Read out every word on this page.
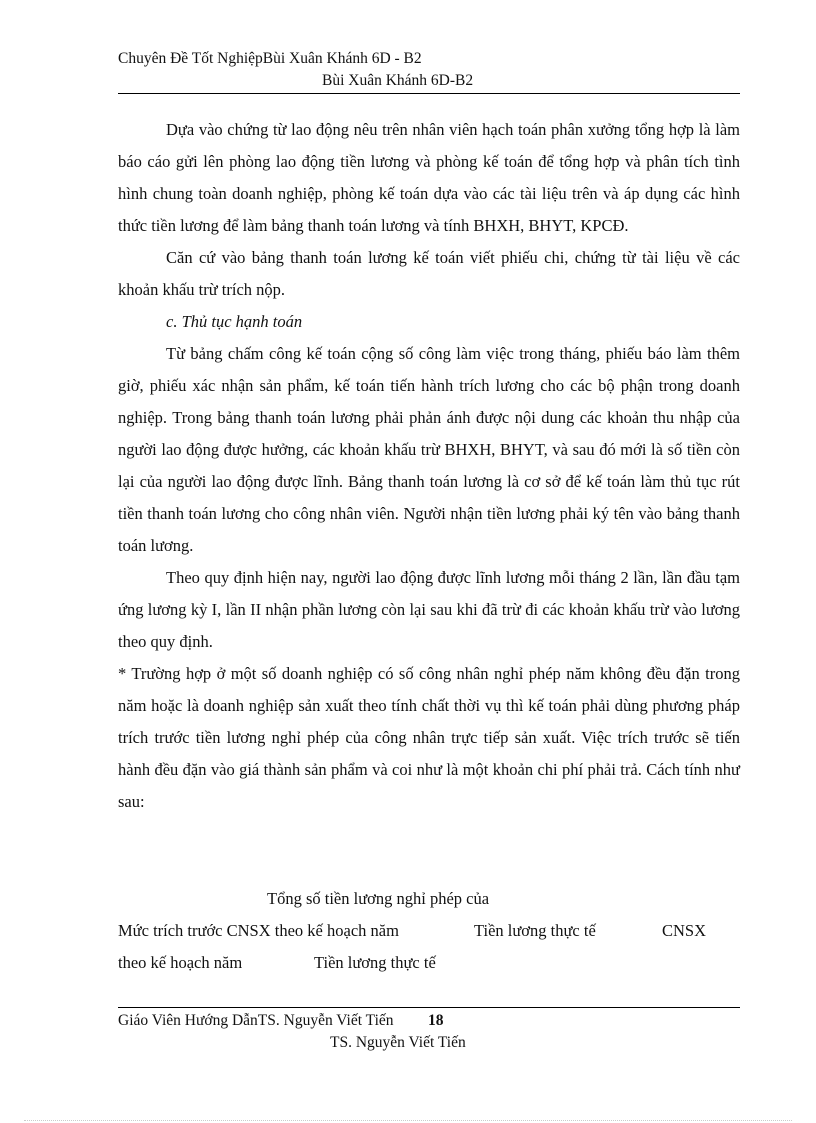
Chuyên Đề Tốt NghiệpBùi Xuân Khánh 6D - B2
Bùi Xuân Khánh 6D-B2

Dựa vào chứng từ lao động nêu trên nhân viên hạch toán phân xưởng tổng hợp là làm báo cáo gửi lên phòng lao động tiền lương và phòng kế toán để tổng hợp và phân tích tình hình chung toàn doanh nghiệp, phòng kế toán dựa vào các tài liệu trên và áp dụng các hình thức tiền lương để làm bảng thanh toán lương và tính BHXH, BHYT, KPCĐ.

Căn cứ vào bảng thanh toán lương kế toán viết phiếu chi, chứng từ tài liệu về các khoản khấu trừ trích nộp.

c. Thủ tục hạnh toán

Từ bảng chấm công kế toán cộng số công làm việc trong tháng, phiếu báo làm thêm giờ, phiếu xác nhận sản phẩm, kế toán tiến hành trích lương cho các bộ phận trong doanh nghiệp. Trong bảng thanh toán lương phải phản ánh được nội dung các khoản thu nhập của người lao động được hưởng, các khoản khấu trừ BHXH, BHYT, và sau đó mới là số tiền còn lại của người lao động được lĩnh. Bảng thanh toán lương là cơ sở để kế toán làm thủ tục rút tiền thanh toán lương cho công nhân viên. Người nhận tiền lương phải ký tên vào bảng thanh toán lương.

Theo quy định hiện nay, người lao động được lĩnh lương mỗi tháng 2 lần, lần đầu tạm ứng lương kỳ I, lần II nhận phần lương còn lại sau khi đã trừ đi các khoản khấu trừ vào lương theo quy định.

* Trường hợp ở một số doanh nghiệp có số công nhân nghỉ phép năm không đều đặn trong năm hoặc là doanh nghiệp sản xuất theo tính chất thời vụ thì kế toán phải dùng phương pháp trích trước tiền lương nghỉ phép của công nhân trực tiếp sản xuất. Việc trích trước sẽ tiến hành đều đặn vào giá thành sản phẩm và coi như là một khoản chi phí phải trả. Cách tính như sau:

Tổng số tiền lương nghỉ phép của
Mức trích trước CNSX theo kế hoạch năm	Tiền lương thực tế	CNSX
theo kế hoạch năm	Tiền lương thực tế
Giáo Viên Hướng DẫnTS. Nguyễn Viết Tiến 18
TS. Nguyễn Viết Tiến
